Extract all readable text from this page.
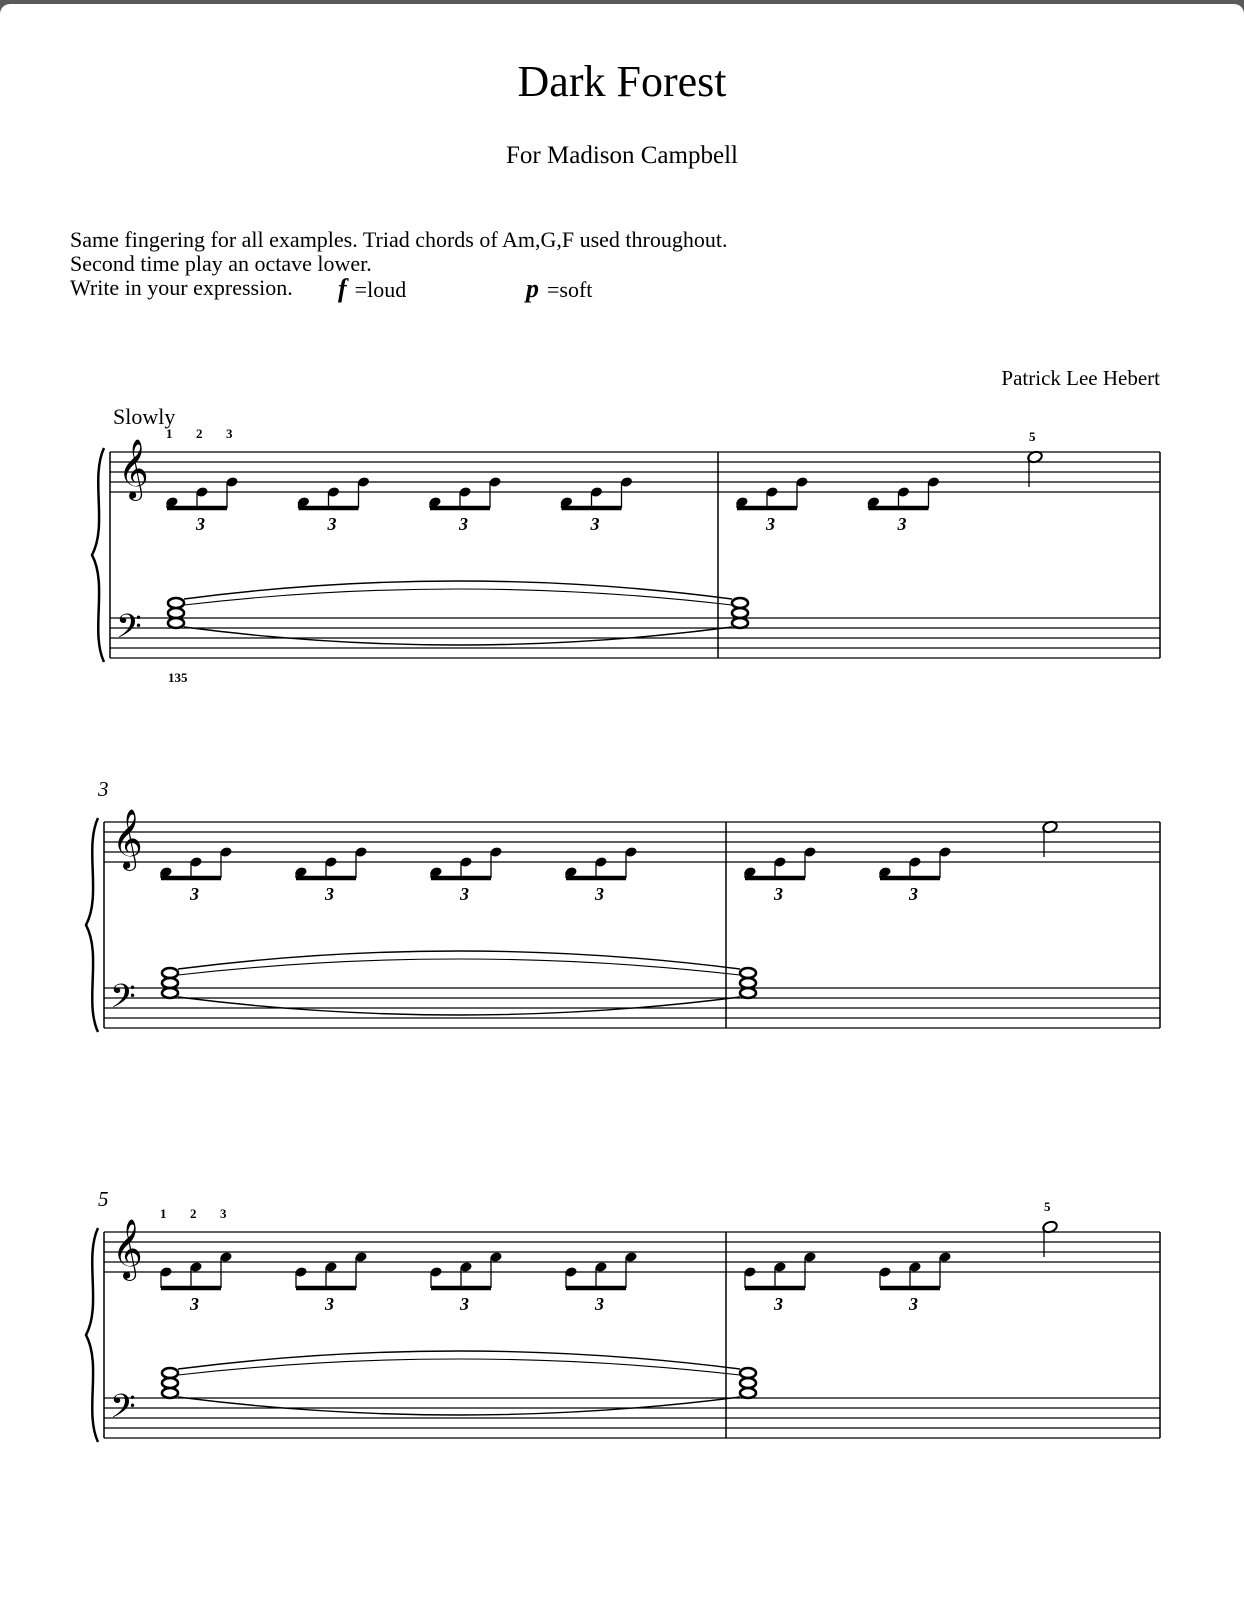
Dark Forest
For Madison Campbell
Same fingering for all examples. Triad chords of Am,G,F used throughout.
Second time play an octave lower.
Write in your expression. f =loud	p =soft
Patrick Lee Hebert
Slowly
𝄞
𝄢
3	3	3	3	3	3
1 2 3	5
135
𝄞
𝄢
3
3	3	3	3	3	3
𝄞
𝄢
5
3	3	3	3	3	3
1 2 3	5
